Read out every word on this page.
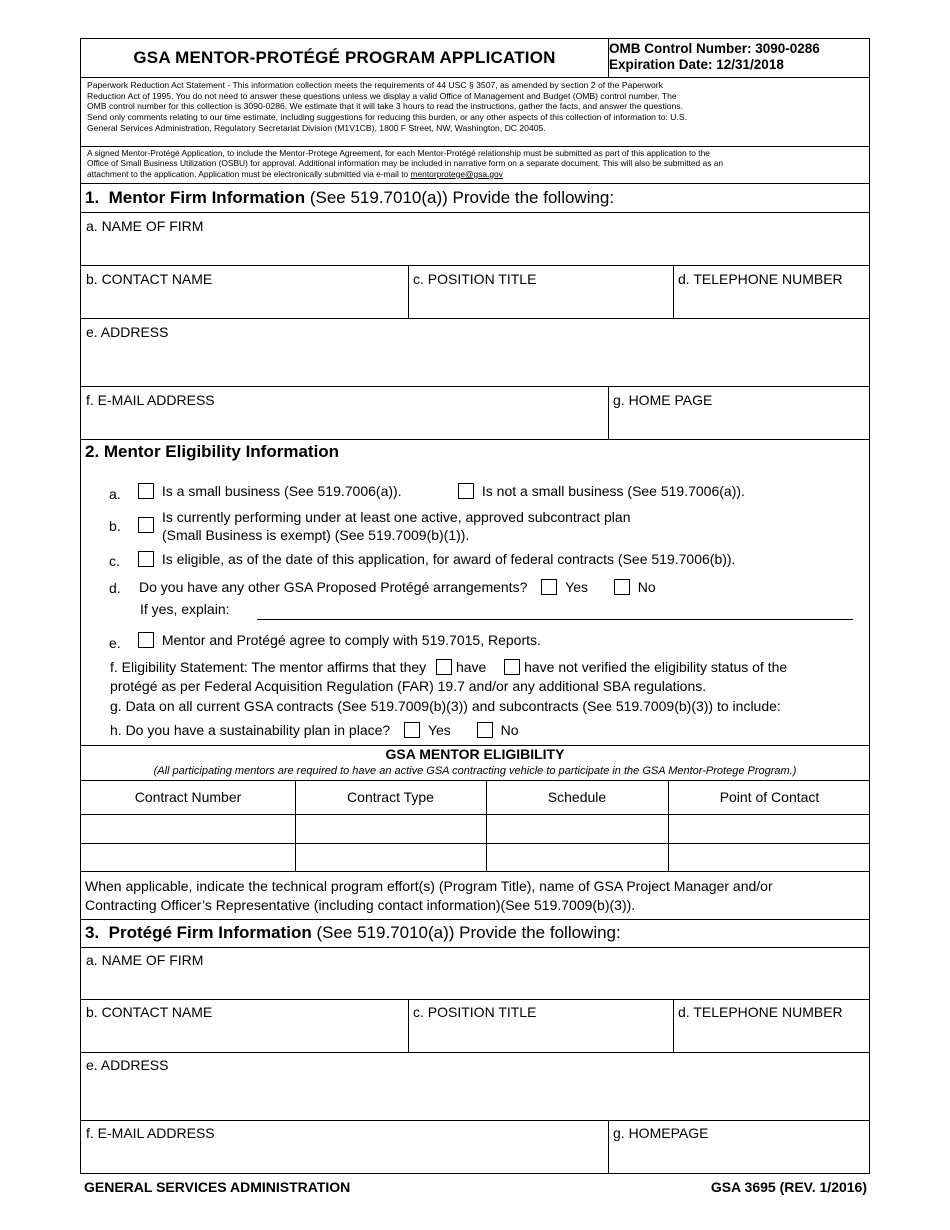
GSA MENTOR-PROTÉGÉ PROGRAM APPLICATION	OMB Control Number: 3090-0286
Expiration Date: 12/31/2018
Paperwork Reduction Act Statement - This information collection meets the requirements of 44 USC § 3507, as amended by section 2 of the Paperwork
Reduction Act of 1995. You do not need to answer these questions unless we display a valid Office of Management and Budget (OMB) control number. The
OMB control number for this collection is 3090-0286. We estimate that it will take 3 hours to read the instructions, gather the facts, and answer the questions.
Send only comments relating to our time estimate, including suggestions for reducing this burden, or any other aspects of this collection of information to: U.S.
General Services Administration, Regulatory Secretariat Division (M1V1CB), 1800 F Street, NW, Washington, DC 20405.
A signed Mentor-Protégé Application, to include the Mentor-Protege Agreement, for each Mentor-Protégé relationship must be submitted as part of this application to the
Office of Small Business Utilization (OSBU) for approval. Additional information may be included in narrative form on a separate document. This will also be submitted as an
attachment to the application. Application must be electronically submitted via e-mail to mentorprotege@gsa.gov
1. Mentor Firm Information (See 519.7010(a)) Provide the following:
a. NAME OF FIRM
b. CONTACT NAME	c. POSITION TITLE	d. TELEPHONE NUMBER
e. ADDRESS
f. E-MAIL ADDRESS	g. HOME PAGE
2. Mentor Eligibility Information
a.	Is a small business (See 519.7006(a)).	Is not a small business (See 519.7006(a)).
b.
Is currently performing under at least one active, approved subcontract plan
(Small Business is exempt) (See 519.7009(b)(1)).
c.	Is eligible, as of the date of this application, for award of federal contracts (See 519.7006(b)).
d. Do you have any other GSA Proposed Protégé arrangements?	Yes	No
If yes, explain:
e.	Mentor and Protégé agree to comply with 519.7015, Reports.
f. Eligibility Statement: The mentor affirms that they have	have not verified the eligibility status of the
protégé as per Federal Acquisition Regulation (FAR) 19.7 and/or any additional SBA regulations.
g. Data on all current GSA contracts (See 519.7009(b)(3)) and subcontracts (See 519.7009(b)(3)) to include:
h. Do you have a sustainability plan in place?	Yes	No
GSA MENTOR ELIGIBILITY
(All participating mentors are required to have an active GSA contracting vehicle to participate in the GSA Mentor-Protege Program.)
Contract Number	Contract Type	Schedule	Point of Contact
When applicable, indicate the technical program effort(s) (Program Title), name of GSA Project Manager and/or
Contracting Officer’s Representative (including contact information)(See 519.7009(b)(3)).
3. Protégé Firm Information (See 519.7010(a)) Provide the following:
a. NAME OF FIRM
b. CONTACT NAME	c. POSITION TITLE	d. TELEPHONE NUMBER
e. ADDRESS
f. E-MAIL ADDRESS	g. HOMEPAGE
GENERAL SERVICES ADMINISTRATION	GSA 3695 (REV. 1/2016)
